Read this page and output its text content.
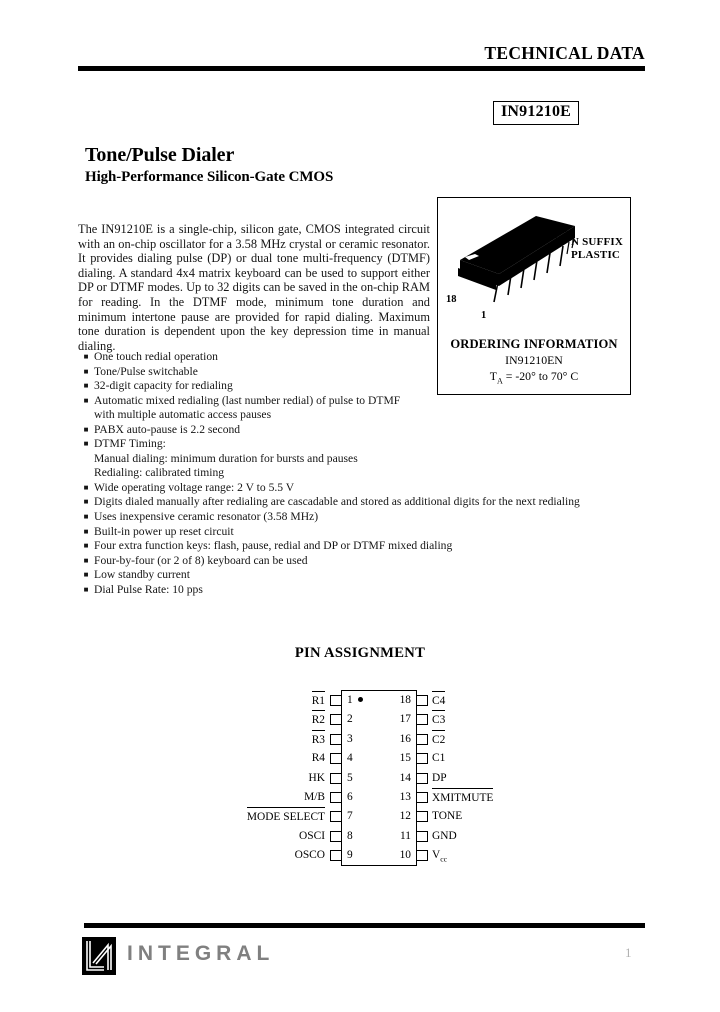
TECHNICAL DATA
IN91210E
Tone/Pulse Dialer
High-Performance Silicon-Gate CMOS
The IN91210E is a single-chip, silicon gate, CMOS integrated circuit with an on-chip oscillator for a 3.58 MHz crystal or ceramic resonator. It provides dialing pulse (DP) or dual tone multi-frequency (DTMF) dialing. A standard 4x4 matrix keyboard can be used to support either DP or DTMF modes. Up to 32 digits can be saved in the on-chip RAM for reading. In the DTMF mode, minimum tone duration and minimum intertone pause are provided for rapid dialing. Maximum tone duration is dependent upon the key depression time in manual dialing.
■ One touch redial operation
■ Tone/Pulse switchable
■ 32-digit capacity for redialing
■ Automatic mixed redialing (last number redial) of pulse to DTMF
with multiple automatic access pauses
■ PABX auto-pause is 2.2 second
■ DTMF Timing:
Manual dialing: minimum duration for bursts and pauses
Redialing: calibrated timing
■ Wide operating voltage range: 2 V to 5.5 V
■ Digits dialed manually after redialing are cascadable and stored as additional digits for the next redialing
■ Uses inexpensive ceramic resonator (3.58 MHz)
■ Built-in power up reset circuit
■ Four extra function keys: flash, pause, redial and DP or DTMF mixed dialing
■ Four-by-four (or 2 of 8) keyboard can be used
■ Low standby current
■ Dial Pulse Rate: 10 pps
N SUFFIX
PLASTIC
18
1
ORDERING INFORMATION
IN91210EN
$T_A = -20^\circ$ to 70° C
PIN ASSIGNMENT
R1 1	18 C4
R2 2	17 C3
R3 3	16 C2
R4 4	15 C1
HK 5	14 DP
M/B 6	13 XMITMUTE
MODE SELECT 7	12 TONE
OSCI 8	11 GND
OSCO 9	10 $V_{cc}$
INTEGRAL	1
